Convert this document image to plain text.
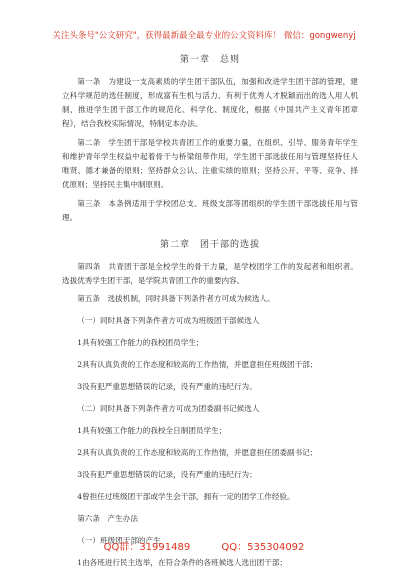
关注头条号"公文研究"，获得最新最全最专业的公文资料库！ 微信：gongwenyj
第一章　总则

第一条　为建设一支高素质的学生团干部队伍，加强和改进学生团干部的管理，建立科学规范的选任制度，形成富有生机与活力、有利于优秀人才脱颖而出的选人用人机制，推进学生团干部工作的规范化、科学化、制度化，根据《中国共产主义青年团章程》，结合我校实际情况，特制定本办法。

第二条　学生团干部是学校共青团工作的重要力量，在组织、引导、服务青年学生和维护青年学生权益中起着骨干与桥梁纽带作用，学生团干部选拔任用与管理坚持任人唯贤、德才兼备的原则；坚持群众公认、注重实绩的原则；坚持公开、平等、竞争、择优原则；坚持民主集中制原则。

第三条　本条例适用于学校团总支、班级支部等团组织的学生团干部选拔任用与管理。

第二章　团干部的选拔

第四条　共青团干部是全校学生的骨干力量，是学校团学工作的发起者和组织者。选拔优秀学生团干部，是学院共青团工作的重要内容。

第五条　选拔机制，同时具备下列条件者方可成为候选人。

（一）同时具备下列条件者方可成为班级团干部候选人

1具有较强工作能力的我校团员学生；

2具有认真负责的工作态度和较高的工作热情，并愿意担任班级团干部；

3没有犯严重思想错误的记录，没有严重的违纪行为。

（二）同时具备下列条件者方可成为团委副书记候选人

1具有较强工作能力的我校全日制团员学生；

2具有认真负责的工作态度和较高的工作热情，并愿意担任团委副书记；

3没有犯严重思想错误的记录，没有严重的违纪行为；

4曾担任过班级团干部或学生会干部，拥有一定的团学工作经验。

第六条　产生办法

（一）班级团干部的产生

1由各班进行民主选举，在符合条件的各班候选人选出团干部；

QQ群：31991489	QQ：535304092
